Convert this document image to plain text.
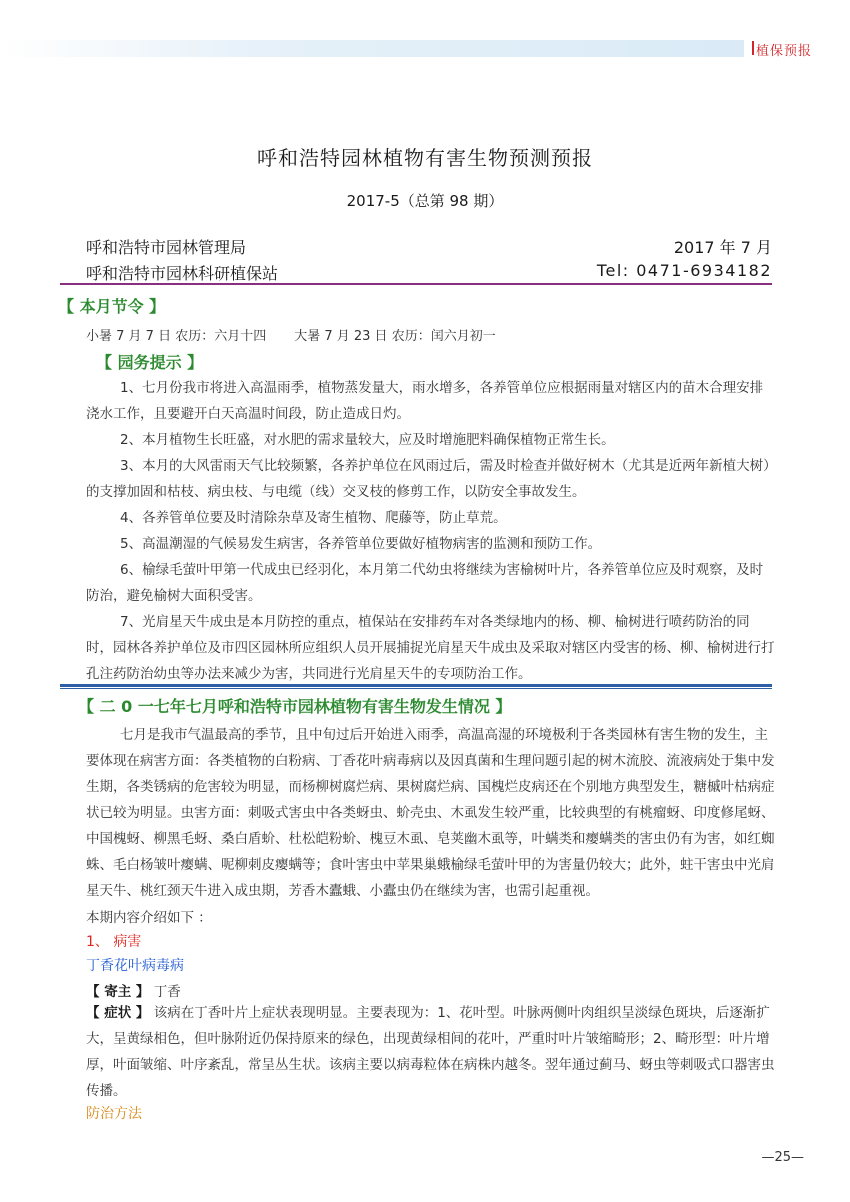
植保预报
呼和浩特园林植物有害生物预测预报
2017-5（总第 98 期）
呼和浩特市园林管理局	2017 年 7 月
呼和浩特市园林科研植保站	Tel: 0471-6934182
【 本月节令 】
小暑 7 月 7 日 农历：六月十四 大暑 7 月 23 日 农历：闰六月初一
【 园务提示 】

1、七月份我市将进入高温雨季，植物蒸发量大，雨水增多，各养管单位应根据雨量对辖区内的苗木合理安排浇水工作，且要避开白天高温时间段，防止造成日灼。

2、本月植物生长旺盛，对水肥的需求量较大，应及时增施肥料确保植物正常生长。

3、本月的大风雷雨天气比较频繁，各养护单位在风雨过后，需及时检查并做好树木（尤其是近两年新植大树）的支撑加固和枯枝、病虫枝、与电缆（线）交叉枝的修剪工作，以防安全事故发生。

4、各养管单位要及时清除杂草及寄生植物、爬藤等，防止草荒。

5、高温潮湿的气候易发生病害，各养管单位要做好植物病害的监测和预防工作。

6、榆绿毛萤叶甲第一代成虫已经羽化，本月第二代幼虫将继续为害榆树叶片，各养管单位应及时观察，及时防治，避免榆树大面积受害。

7、光肩星天牛成虫是本月防控的重点，植保站在安排药车对各类绿地内的杨、柳、榆树进行喷药防治的同时，园林各养护单位及市四区园林所应组织人员开展捕捉光肩星天牛成虫及采取对辖区内受害的杨、柳、榆树进行打孔注药防治幼虫等办法来减少为害，共同进行光肩星天牛的专项防治工作。

【 二 0 一七年七月呼和浩特市园林植物有害生物发生情况 】

七月是我市气温最高的季节，且中旬过后开始进入雨季，高温高湿的环境极利于各类园林有害生物的发生，主要体现在病害方面：各类植物的白粉病、丁香花叶病毒病以及因真菌和生理问题引起的树木流胶、流液病处于集中发生期，各类锈病的危害较为明显，而杨柳树腐烂病、果树腐烂病、国槐烂皮病还在个别地方典型发生，糖槭叶枯病症状已较为明显。虫害方面：刺吸式害虫中各类蚜虫、蚧壳虫、木虱发生较严重，比较典型的有桃瘤蚜、印度修尾蚜、中国槐蚜、柳黑毛蚜、桑白盾蚧、杜松皑粉蚧、槐豆木虱、皂荚幽木虱等，叶螨类和瘿螨类的害虫仍有为害，如红蜘蛛、毛白杨皱叶瘿螨、呢柳刺皮瘿螨等；食叶害虫中苹果巢蛾榆绿毛萤叶甲的为害量仍较大；此外，蛀干害虫中光肩星天牛、桃红颈天牛进入成虫期，芳香木蠹蛾、小蠹虫仍在继续为害，也需引起重视。

本期内容介绍如下 ：
1、 病害
丁香花叶病毒病
【 寄主 】 丁香

【 症状 】 该病在丁香叶片上症状表现明显。主要表现为：1、花叶型。叶脉两侧叶肉组织呈淡绿色斑块，后逐渐扩大，呈黄绿相色，但叶脉附近仍保持原来的绿色，出现黄绿相间的花叶，严重时叶片皱缩畸形；2、畸形型：叶片增厚，叶面皱缩、叶序紊乱，常呈丛生状。该病主要以病毒粒体在病株内越冬。翌年通过蓟马、蚜虫等刺吸式口器害虫传播。

防治方法
—25—
